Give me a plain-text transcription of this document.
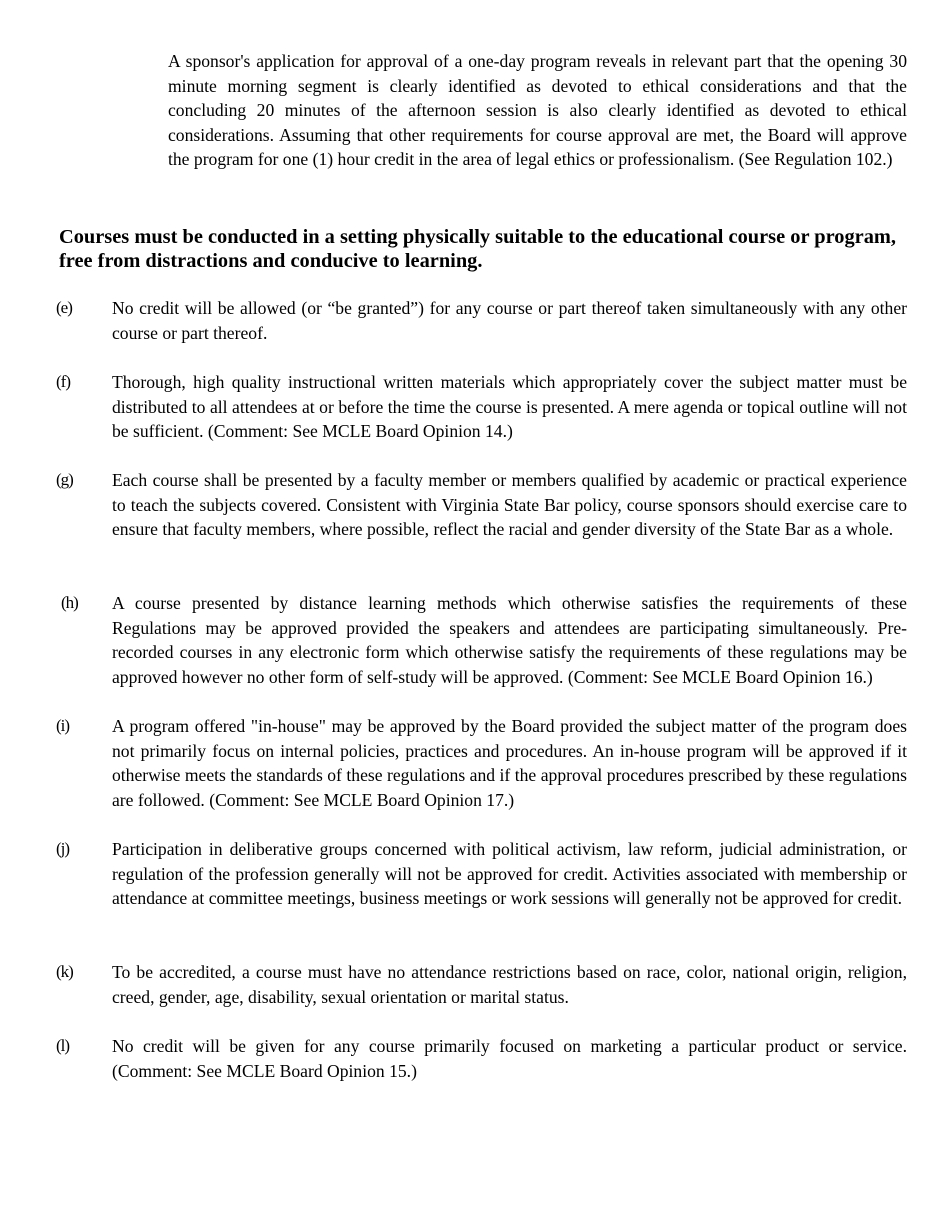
A sponsor's application for approval of a one-day program reveals in relevant part that the opening 30 minute morning segment is clearly identified as devoted to ethical considerations and that the concluding 20 minutes of the afternoon session is also clearly identified as devoted to ethical considerations. Assuming that other requirements for course approval are met, the Board will approve the program for one (1) hour credit in the area of legal ethics or professionalism. (See Regulation 102.)

Courses must be conducted in a setting physically suitable to the educational course or program, free from distractions and conducive to learning.
(e) No credit will be allowed (or “be granted”) for any course or part thereof taken simultaneously with any other course or part thereof.

(f) Thorough, high quality instructional written materials which appropriately cover the subject matter must be distributed to all attendees at or before the time the course is presented. A mere agenda or topical outline will not be sufficient. (Comment: See MCLE Board Opinion 14.)

(g) Each course shall be presented by a faculty member or members qualified by academic or practical experience to teach the subjects covered. Consistent with Virginia State Bar policy, course sponsors should exercise care to ensure that faculty members, where possible, reflect the racial and gender diversity of the State Bar as a whole.

(h) A course presented by distance learning methods which otherwise satisfies the requirements of these Regulations may be approved provided the speakers and attendees are participating simultaneously. Pre-recorded courses in any electronic form which otherwise satisfy the requirements of these regulations may be approved however no other form of self-study will be approved. (Comment: See MCLE Board Opinion 16.)

(i) A program offered "in-house" may be approved by the Board provided the subject matter of the program does not primarily focus on internal policies, practices and procedures. An in-house program will be approved if it otherwise meets the standards of these regulations and if the approval procedures prescribed by these regulations are followed. (Comment: See MCLE Board Opinion 17.)

(j) Participation in deliberative groups concerned with political activism, law reform, judicial administration, or regulation of the profession generally will not be approved for credit. Activities associated with membership or attendance at committee meetings, business meetings or work sessions will generally not be approved for credit.

(k) To be accredited, a course must have no attendance restrictions based on race, color, national origin, religion, creed, gender, age, disability, sexual orientation or marital status.

(l) No credit will be given for any course primarily focused on marketing a particular product or service. (Comment: See MCLE Board Opinion 15.)
